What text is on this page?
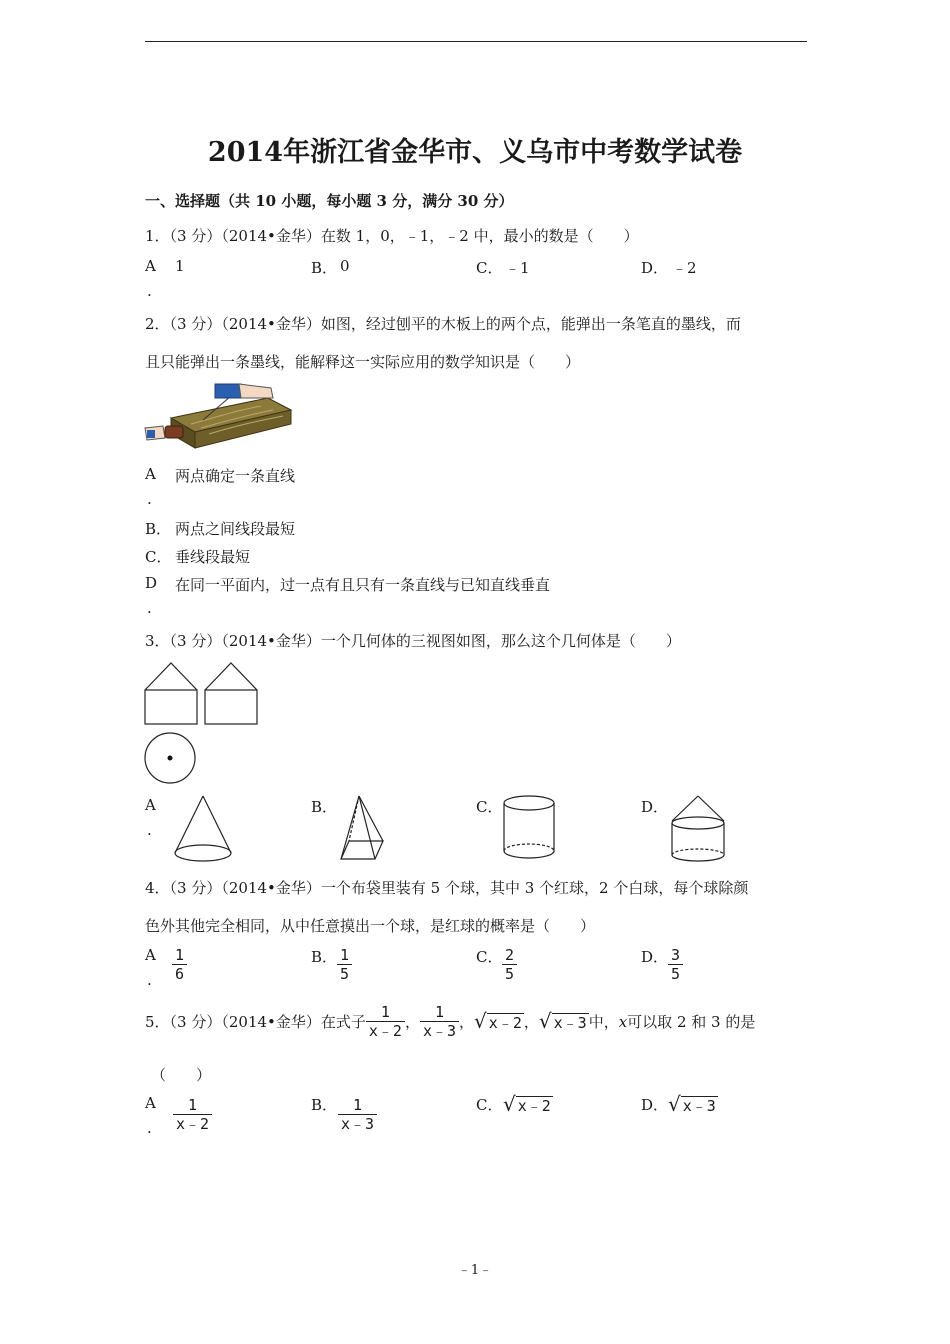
2014年浙江省金华市、义乌市中考数学试卷
一、选择题（共 10 小题，每小题 3 分，满分 30 分）
1．（3 分）（2014•金华）在数 1，0，﹣1，﹣2 中，最小的数是（　　）
A 1
.
B． 0	C． ﹣1	D． ﹣2
2．（3 分）（2014•金华）如图，经过刨平的木板上的两个点，能弹出一条笔直的墨线，而
且只能弹出一条墨线，能解释这一实际应用的数学知识是（　　）
A 两点确定一条直线
.
B． 两点之间线段最短
C． 垂线段最短
D 在同一平面内，过一点有且只有一条直线与已知直线垂直
.
3．（3 分）（2014•金华）一个几何体的三视图如图，那么这个几何体是（　　）
A
.
B．	C．	D．
4．（3 分）（2014•金华）一个布袋里装有 5 个球，其中 3 个红球，2 个白球，每个球除颜
色外其他完全相同，从中任意摸出一个球，是红球的概率是（　　）
A
. $\frac{1}{6}$	B． $\frac{1}{5}$	C． $\frac{2}{5}$	D． $\frac{3}{5}$
5．（3 分）（2014•金华）在式子 $\frac{1}{x﹣2}$ ， $\frac{1}{x﹣3}$ ， √ x﹣2 ， √ x﹣3 中， x 可以取 2 和 3 的是
（　　）
A
. $\frac{1}{x﹣2}$	B． $\frac{1}{x﹣3}$	C． √ x﹣2	D． √ x﹣3
﹣1﹣
